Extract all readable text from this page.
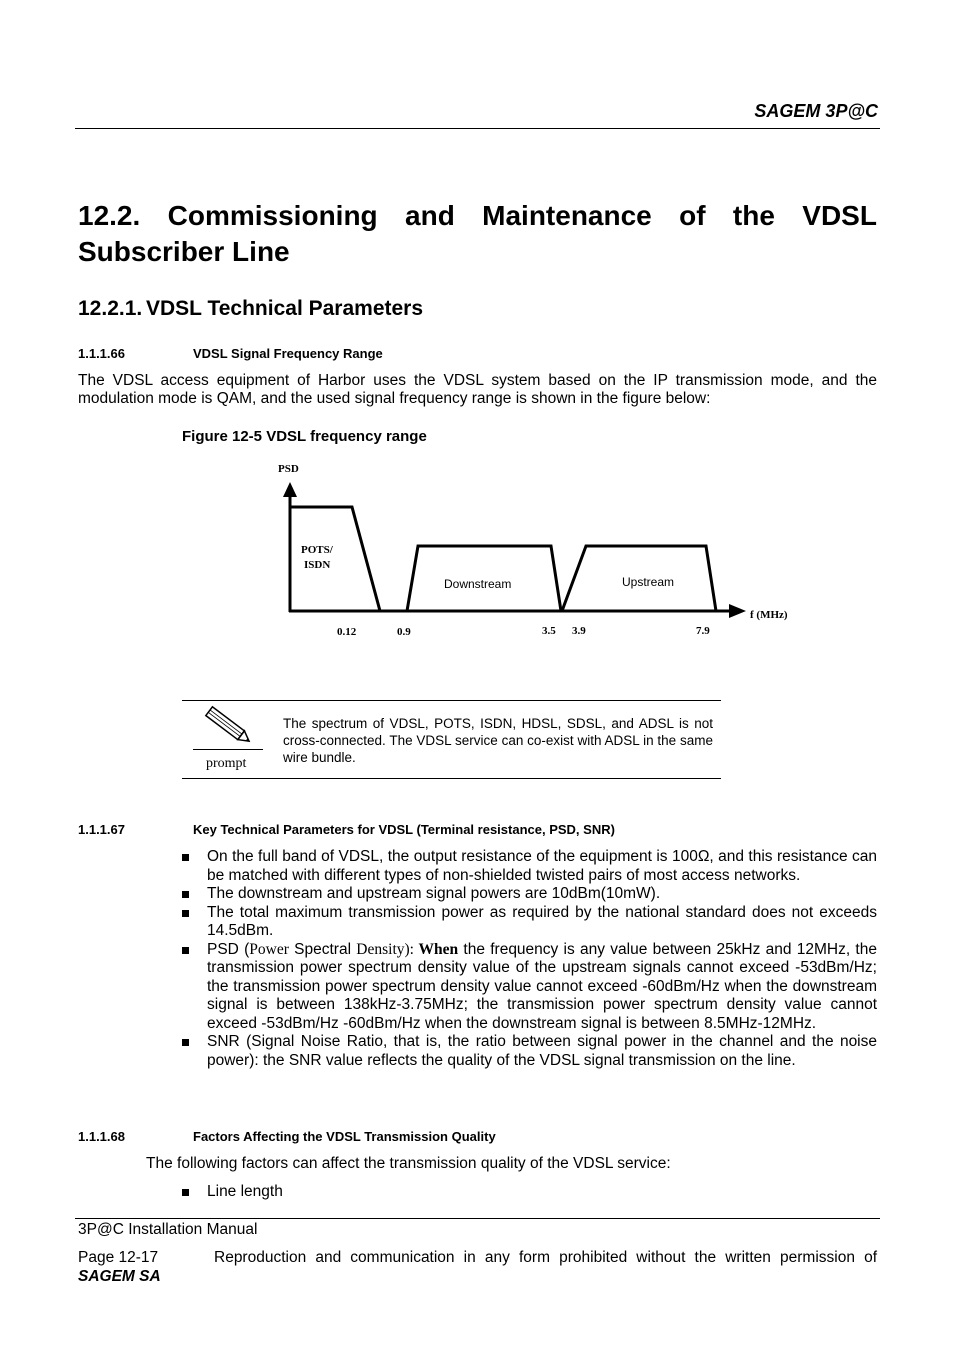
SAGEM 3P@C
12.2. Commissioning and Maintenance of the VDSL
Subscriber Line
12.2.1. VDSL Technical Parameters
1.1.1.66	VDSL Signal Frequency Range
The VDSL access equipment of Harbor uses the VDSL system based on the IP transmission mode, and the modulation mode is QAM, and the used signal frequency range is shown in the figure below:
Figure 12-5 VDSL frequency range
PSD
f (MHz)
POTS/
ISDN
Downstream	Upstream
0.12	0.9	3.5 3.9	7.9
prompt
The spectrum of VDSL, POTS, ISDN, HDSL, SDSL, and ADSL is not cross-connected. The VDSL service can co-exist with ADSL in the same wire bundle.
1.1.1.67	Key Technical Parameters for VDSL (Terminal resistance, PSD, SNR)
On the full band of VDSL, the output resistance of the equipment is 100Ω, and this resistance can be matched with different types of non-shielded twisted pairs of most access networks.
The downstream and upstream signal powers are 10dBm(10mW).
The total maximum transmission power as required by the national standard does not exceeds 14.5dBm.
PSD (Power Spectral Density): When the frequency is any value between 25kHz and 12MHz, the transmission power spectrum density value of the upstream signals cannot exceed -53dBm/Hz; the transmission power spectrum density value cannot exceed -60dBm/Hz when the downstream signal is between 138kHz-3.75MHz; the transmission power spectrum density value cannot exceed -53dBm/Hz -60dBm/Hz when the downstream signal is between 8.5MHz-12MHz.
SNR (Signal Noise Ratio, that is, the ratio between signal power in the channel and the noise power): the SNR value reflects the quality of the VDSL signal transmission on the line.
1.1.1.68	Factors Affecting the VDSL Transmission Quality
The following factors can affect the transmission quality of the VDSL service:
Line length
3P@C Installation Manual
Page 12-17	Reproduction and communication in any form prohibited without the written permission of
SAGEM SA
